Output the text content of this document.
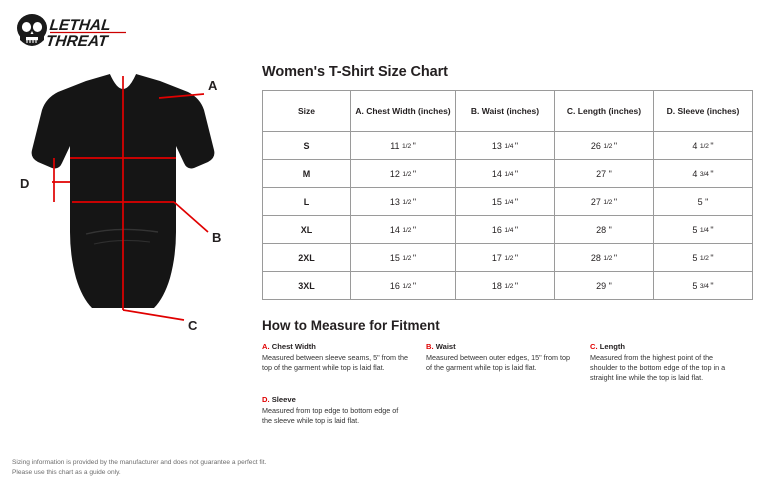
LETHAL
THREAT
A
B
C
D
Women's T-Shirt Size Chart
Size	A. Chest Width (inches)	B. Waist (inches)	C. Length (inches)	D. Sleeve (inches)
S	11 1/2 "	13 1/4 "	26 1/2 "	4 1/2 "
M	12 1/2 "	14 1/4 "	27 "	4 3/4 "
L	13 1/2 "	15 1/4 "	27 1/2 "	5 "
XL	14 1/2 "	16 1/4 "	28 "	5 1/4 "
2XL	15 1/2 "	17 1/2 "	28 1/2 "	5 1/2 "
3XL	16 1/2 "	18 1/2 "	29 "	5 3/4 "
How to Measure for Fitment
A. Chest Width
Measured between sleeve seams, 5" from the top of the garment while top is laid flat.
B. Waist
Measured between outer edges, 15" from top of the garment while top is laid flat.
C. Length
Measured from the highest point of the shoulder to the bottom edge of the top in a straight line while the top is laid flat.
D. Sleeve
Measured from top edge to bottom edge of the sleeve while top is laid flat.
Sizing information is provided by the manufacturer and does not guarantee a perfect fit.
Please use this chart as a guide only.
